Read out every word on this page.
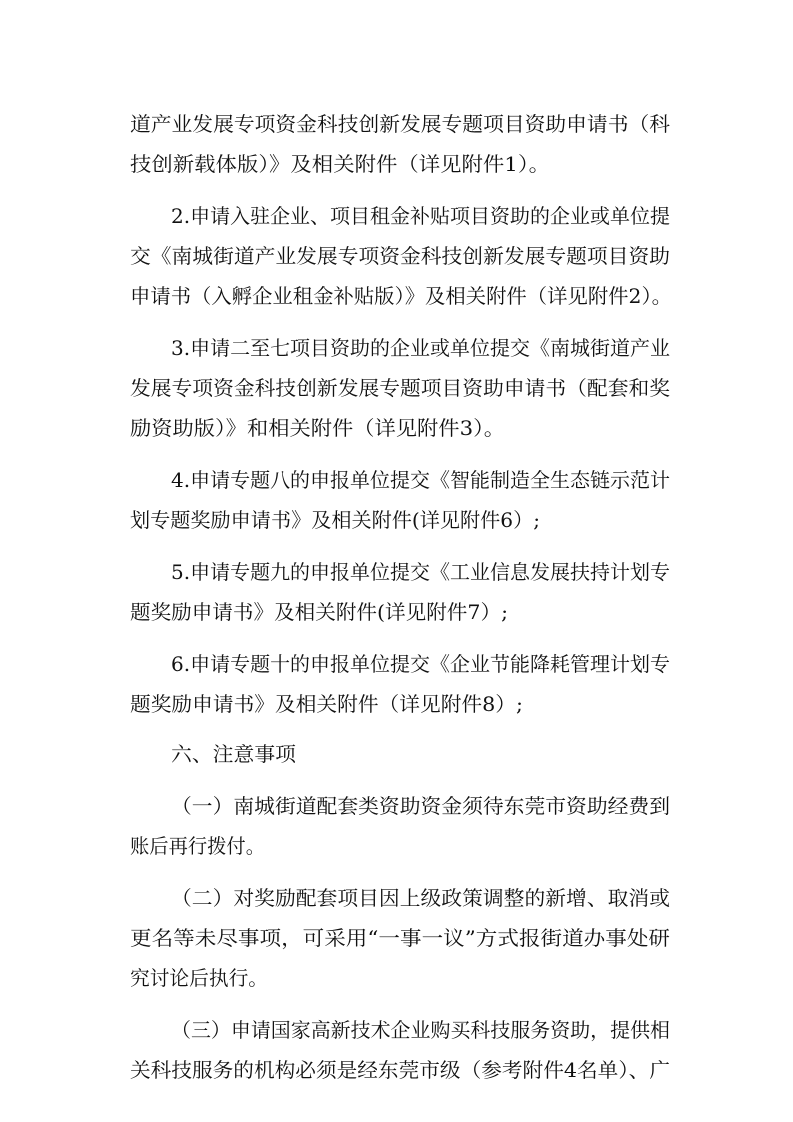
道产业发展专项资金科技创新发展专题项目资助申请书（科
技创新载体版）》及相关附件（详见附件1）。
2.申请入驻企业、项目租金补贴项目资助的企业或单位提
交《南城街道产业发展专项资金科技创新发展专题项目资助
申请书（入孵企业租金补贴版）》及相关附件（详见附件2）。
3.申请二至七项目资助的企业或单位提交《南城街道产业
发展专项资金科技创新发展专题项目资助申请书（配套和奖
励资助版）》和相关附件（详见附件3）。
4.申请专题八的申报单位提交《智能制造全生态链示范计
划专题奖励申请书》及相关附件(详见附件6）;
5.申请专题九的申报单位提交《工业信息发展扶持计划专
题奖励申请书》及相关附件(详见附件7）;
6.申请专题十的申报单位提交《企业节能降耗管理计划专
题奖励申请书》及相关附件（详见附件8）;
六、注意事项
（一）南城街道配套类资助资金须待东莞市资助经费到
账后再行拨付。
（二）对奖励配套项目因上级政策调整的新增、取消或
更名等未尽事项，可采用“一事一议”方式报街道办事处研
究讨论后执行。
（三）申请国家高新技术企业购买科技服务资助，提供相
关科技服务的机构必须是经东莞市级（参考附件4名单）、广
